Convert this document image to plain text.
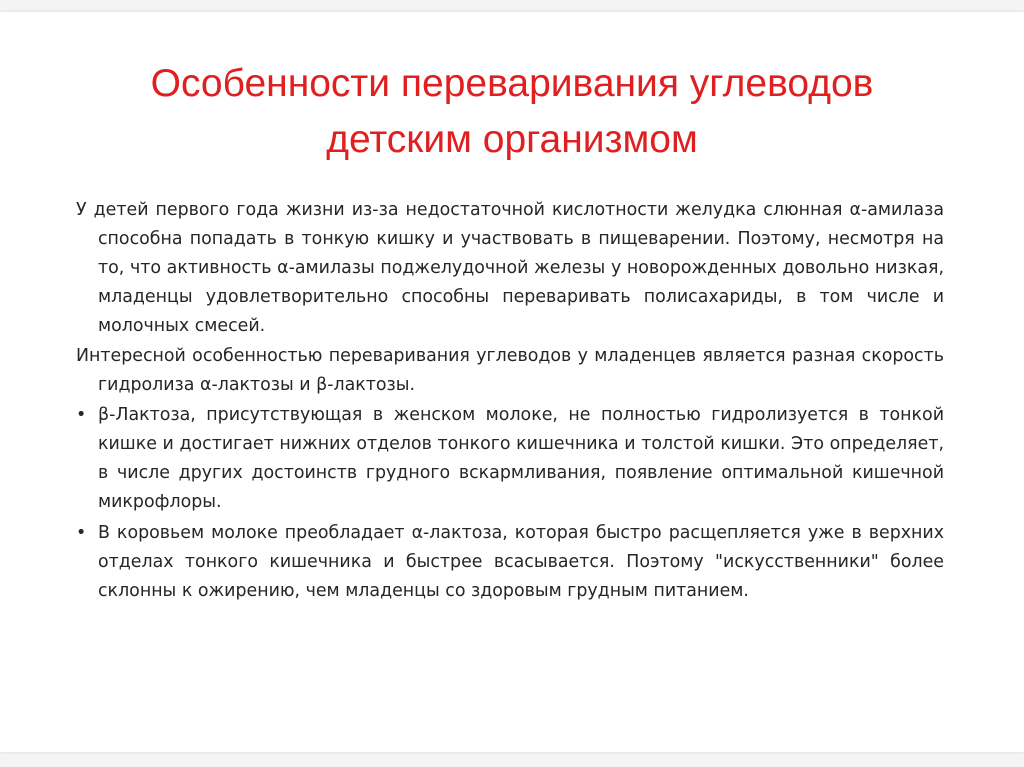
Особенности переваривания углеводов
детским организмом

У детей первого года жизни из-за недостаточной кислотности желудка слюнная α-амилаза способна попадать в тонкую кишку и участвовать в пищеварении. Поэтому, несмотря на то, что активность α-амилазы поджелудочной железы у новорожденных довольно низкая, младенцы удовлетворительно способны переваривать полисахариды, в том числе и молочных смесей.

Интересной особенностью переваривания углеводов у младенцев является разная скорость гидролиза α-лактозы и β-лактозы.

• β-Лактоза, присутствующая в женском молоке, не полностью гидролизуется в тонкой кишке и достигает нижних отделов тонкого кишечника и толстой кишки. Это определяет, в числе других достоинств грудного вскармливания, появление оптимальной кишечной микрофлоры.
• В коровьем молоке преобладает α-лактоза, которая быстро расщепляется уже в верхних отделах тонкого кишечника и быстрее всасывается. Поэтому "искусственники" более склонны к ожирению, чем младенцы со здоровым грудным питанием.
